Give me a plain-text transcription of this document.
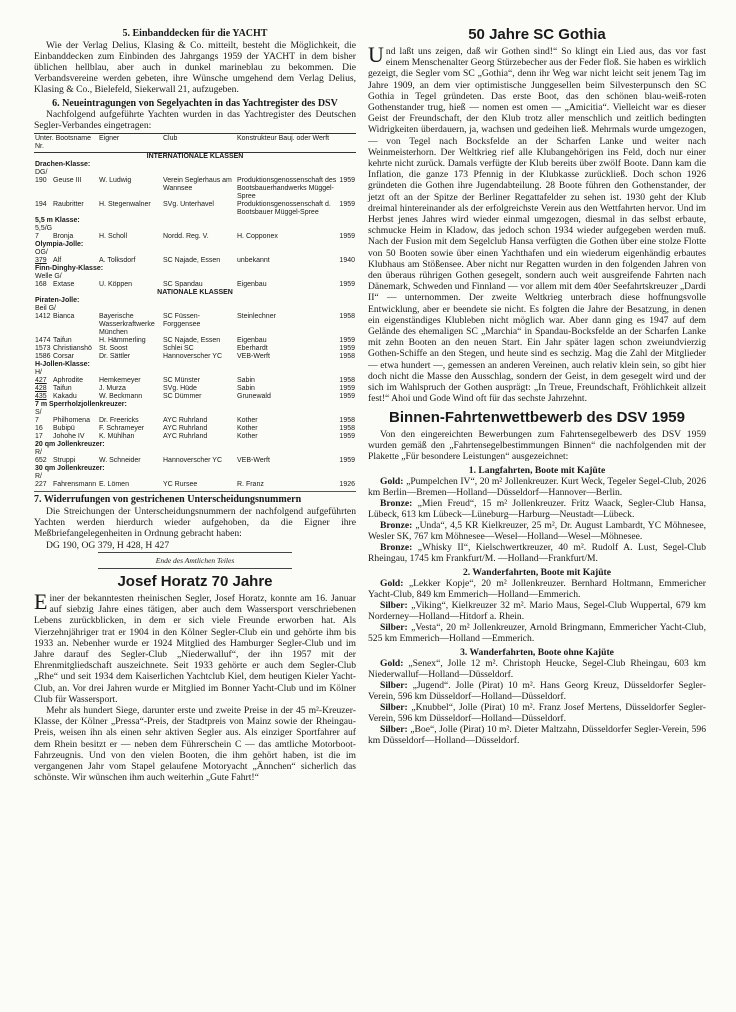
5. Einbanddecken für die YACHT

Wie der Verlag Delius, Klasing & Co. mitteilt, besteht die Möglichkeit, die Einbanddecken zum Einbinden des Jahrgangs 1959 der YACHT in dem bisher üblichen hellblau, aber auch in dunkel marineblau zu bekommen. Die Verbandsvereine werden gebeten, ihre Wünsche umgehend dem Verlag Delius, Klasing & Co., Bielefeld, Siekerwall 21, aufzugeben.

6. Neueintragungen von Segelyachten in das Yachtregister des DSV

Nachfolgend aufgeführte Yachten wurden in das Yachtregister des Deutschen Segler-Verbandes eingetragen:

Unter. Bootsname Nr.	Eigner	Club	Konstrukteur Bauj. oder Werft	
INTERNATIONALE KLASSEN				
Drachen-Klasse:				
DG/				
190 Geuse III	W. Ludwig	Verein Seglerhaus am Wannsee	Produktionsgenossenschaft des Bootsbauerhandwerks Müggel-Spree	1959
194 Raubritter	H. Stegenwalner	SVg. Unterhavel	Produktionsgenossenschaft d. Bootsbauer Müggel-Spree	1959
5,5 m Klasse:				
5,5/G				
7 Bronja	H. Scholl	Nordd. Reg. V.	H. Copponex	1959
Olympia-Jolle:				
OG/				
379 Alf	A. Tolksdorf	SC Najade, Essen	unbekannt	1940
Finn-Dinghy-Klasse:				
Welle G/				
168 Extase	U. Köppen	SC Spandau	Eigenbau	1959
NATIONALE KLASSEN				
Piraten-Jolle:				
Beil G/				
1412 Bianca	Bayerische Wasserkraftwerke München	SC Füssen-Forggensee	Steinlechner	1958
1474 Taifun	H. Hämmerling	SC Najade, Essen	Eigenbau	1959
1573 Christianshö	St. Soost	Schlei SC	Eberhardt	1959
1586 Corsar	Dr. Sättler	Hannoverscher YC	VEB-Werft	1958
H-Jollen-Klasse:				
H/				
427 Aphrodite	Hemkemeyer	SC Münster	Sabin	1958
428 Taifun	J. Murza	SVg. Hüde	Sabin	1959
435 Kakadu	W. Beckmann	SC Dümmer	Grunewald	1959
7 m Sperrholzjollenkreuzer:				
S/				
7 Philhomena	Dr. Freericks	AYC Ruhrland	Kother	1958
16 Bubipü	F. Schrameyer	AYC Ruhrland	Kother	1958
17 Johohe IV	K. Mühlhan	AYC Ruhrland	Kother	1959
20 qm Jollenkreuzer:				
R/				
652 Struppi	W. Schneider	Hannoverscher YC	VEB-Werft	1959
30 qm Jollenkreuzer:				
R/				
227 Fahrensmann	E. Lömen	YC Rursee	R. Franz	1926

7. Widerrufungen von gestrichenen Unterscheidungsnummern

Die Streichungen der Unterscheidungsnummern der nachfolgend aufgeführten Yachten werden hierdurch wieder aufgehoben, da die Eigner ihre Meßbriefangelegenheiten in Ordnung gebracht haben:

DG 190, OG 379, H 428, H 427

Ende des Amtlichen Teiles

Josef Horatz 70 Jahre

Einer der bekanntesten rheinischen Segler, Josef Horatz, konnte am 16. Januar auf siebzig Jahre eines tätigen, aber auch dem Wassersport verschriebenen Lebens zurückblicken, in dem er sich viele Freunde erworben hat. Als Vierzehnjähriger trat er 1904 in den Kölner Segler-Club ein und gehörte ihm bis 1933 an. Nebenher wurde er 1924 Mitglied des Hamburger Segler-Club und im Jahre darauf des Segler-Club „Niederwalluf“, der ihn 1957 mit der Ehrenmitgliedschaft auszeichnete. Seit 1933 gehörte er auch dem Segler-Club „Rhe“ und seit 1934 dem Kaiserlichen Yachtclub Kiel, dem heutigen Kieler Yacht-Club, an. Vor drei Jahren wurde er Mitglied im Bonner Yacht-Club und im Kölner Club für Wassersport.

Mehr als hundert Siege, darunter erste und zweite Preise in der 45 m²-Kreuzer-Klasse, der Kölner „Pressa“-Preis, der Stadtpreis von Mainz sowie der Rheingau-Preis, weisen ihn als einen sehr aktiven Segler aus. Als einziger Sportfahrer auf dem Rhein besitzt er — neben dem Führerschein C — das amtliche Motorboot-Fahrzeugnis. Und von den vielen Booten, die ihm gehört haben, ist die im vergangenen Jahr vom Stapel gelaufene Motoryacht „Ännchen“ sicherlich das schönste. Wir wünschen ihm auch weiterhin „Gute Fahrt!“

50 Jahre SC Gothia

Und laßt uns zeigen, daß wir Gothen sind!“ So klingt ein Lied aus, das vor fast einem Menschenalter Georg Stürzebecher aus der Feder floß. Sie haben es wirklich gezeigt, die Segler vom SC „Gothia“, denn ihr Weg war nicht leicht seit jenem Tag im Jahre 1909, an dem vier optimistische Junggesellen beim Silvesterpunsch den SC Gothia in Tegel gründeten. Das erste Boot, das den schönen blau-weiß-roten Gothenstander trug, hieß — nomen est omen — „Amicitia“. Vielleicht war es dieser Geist der Freundschaft, der den Klub trotz aller menschlich und zeitlich bedingten Widrigkeiten überdauern, ja, wachsen und gedeihen ließ. Mehrmals wurde umgezogen, — von Tegel nach Bocksfelde an der Scharfen Lanke und weiter nach Weinmeisterhorn. Der Weltkrieg rief alle Klubangehörigen ins Feld, doch nur einer kehrte nicht zurück. Damals verfügte der Klub bereits über zwölf Boote. Dann kam die Inflation, die ganze 173 Pfennig in der Klubkasse zurückließ. Doch schon 1926 gründeten die Gothen ihre Jugendabteilung. 28 Boote führen den Gothenstander, der jetzt oft an der Spitze der Berliner Regattafelder zu sehen ist. 1930 geht der Klub dreimal hintereinander als der erfolgreichste Verein aus den Wettfahrten hervor. Und im Herbst jenes Jahres wird wieder einmal umgezogen, diesmal in das selbst erbaute, schmucke Heim in Kladow, das jedoch schon 1934 wieder aufgegeben werden muß. Nach der Fusion mit dem Segelclub Hansa verfügten die Gothen über eine stolze Flotte von 50 Booten sowie über einen Yachthafen und ein wiederum eigenhändig erbautes Klubhaus am Stößensee. Aber nicht nur Regatten wurden in den folgenden Jahren von den überaus rührigen Gothen gesegelt, sondern auch weit ausgreifende Fahrten nach Dänemark, Schweden und Finnland — vor allem mit dem 40er Seefahrtskreuzer „Dardi II“ — unternommen. Der zweite Weltkrieg unterbrach diese hoffnungsvolle Entwicklung, aber er beendete sie nicht. Es folgten die Jahre der Besatzung, in denen ein eigenständiges Klubleben nicht möglich war. Aber dann ging es 1947 auf dem Gelände des ehemaligen SC „Marchia“ in Spandau-Bocksfelde an der Scharfen Lanke mit zehn Booten an den neuen Start. Ein Jahr später lagen schon zweiundvierzig Gothen-Schiffe an den Stegen, und heute sind es sechzig. Mag die Zahl der Mitglieder — etwa hundert —, gemessen an anderen Vereinen, auch relativ klein sein, so gibt hier doch nicht die Masse den Ausschlag, sondern der Geist, in dem gesegelt wird und der sich im Wahlspruch der Gothen ausprägt: „In Treue, Freundschaft, Fröhlichkeit allzeit fest!“ Ahoi und Gode Wind oft für das sechste Jahrzehnt.

Binnen-Fahrtenwettbewerb des DSV 1959

Von den eingereichten Bewerbungen zum Fahrtensegelbewerb des DSV 1959 wurden gemäß den „Fahrtensegelbestimmungen Binnen“ die nachfolgenden mit der Plakette „Für besondere Leistungen“ ausgezeichnet:

1. Langfahrten, Boote mit Kajüte

Gold: „Pumpelchen IV“, 20 m² Jollenkreuzer. Kurt Weck, Tegeler Segel-Club, 2026 km Berlin—Bremen—Holland—Düsseldorf—Hannover—Berlin.

Bronze: „Mien Freud“, 15 m² Jollenkreuzer. Fritz Waack, Segler-Club Hansa, Lübeck, 613 km Lübeck—Lüneburg—Harburg—Neustadt—Lübeck.

Bronze: „Unda“, 4,5 KR Kielkreuzer, 25 m², Dr. August Lambardt, YC Möhnesee, Wesler SK, 767 km Möhnesee—Wesel—Holland—Wesel—Möhnesee.

Bronze: „Whisky II“, Kielschwertkreuzer, 40 m². Rudolf A. Lust, Segel-Club Rheingau, 1745 km Frankfurt/M. —Holland—Frankfurt/M.

2. Wanderfahrten, Boote mit Kajüte

Gold: „Lekker Kopje“, 20 m² Jollenkreuzer. Bernhard Holtmann, Emmericher Yacht-Club, 849 km Emmerich—Holland—Emmerich.

Silber: „Viking“, Kielkreuzer 32 m². Mario Maus, Segel-Club Wuppertal, 679 km Norderney—Holland—Hitdorf a. Rhein.

Silber: „Vesta“, 20 m² Jollenkreuzer, Arnold Bringmann, Emmericher Yacht-Club, 525 km Emmerich—Holland —Emmerich.

3. Wanderfahrten, Boote ohne Kajüte

Gold: „Senex“, Jolle 12 m². Christoph Heucke, Segel-Club Rheingau, 603 km Niederwalluf—Holland—Düsseldorf.

Silber: „Jugend“. Jolle (Pirat) 10 m². Hans Georg Kreuz, Düsseldorfer Segler-Verein, 596 km Düsseldorf—Holland—Düsseldorf.

Silber: „Knubbel“, Jolle (Pirat) 10 m². Franz Josef Mertens, Düsseldorfer Segler-Verein, 596 km Düsseldorf—Holland—Düsseldorf.

Silber: „Boe“, Jolle (Pirat) 10 m². Dieter Maltzahn, Düsseldorfer Segler-Verein, 596 km Düsseldorf—Holland—Düsseldorf.
